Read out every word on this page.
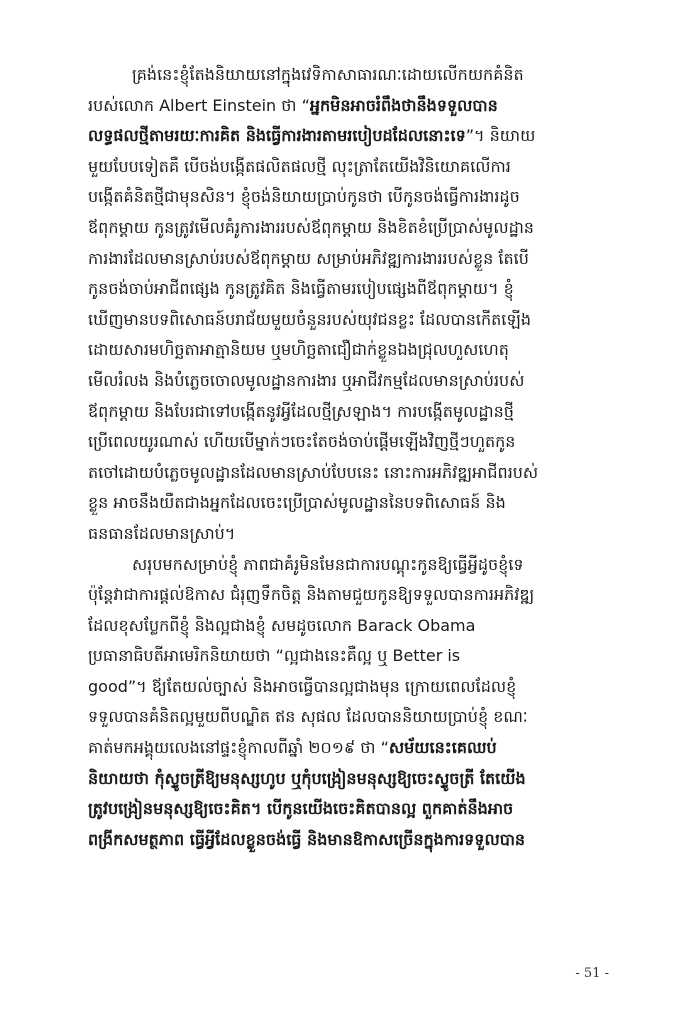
គ្រង់នេះខ្ញុំតែងនិយាយនៅក្នុងវេទិកាសាធារណៈដោយលើកយកគំនិត
របស់លោក Albert Einstein ថា “អ្នកមិនអាចរំពឹងថានឹងទទួលបាន
លទ្ធផលថ្មីតាមរយៈការគិត និងធ្វើការងារតាមរបៀបដដែលនោះទេ”។ និយាយ
មួយបែបទៀតគឺ បើចង់បង្កើតផលិតផលថ្មី លុះត្រាតែយើងវិនិយោគលើការ
បង្កើតគំនិតថ្មីជាមុនសិន។ ខ្ញុំចង់និយាយប្រាប់កូនថា បើកូនចង់ធ្វើការងារដូច
ឪពុកម្តាយ កូនត្រូវមើលគំរូការងាររបស់ឪពុកម្តាយ និងខិតខំប្រើប្រាស់មូលដ្ឋាន
ការងារដែលមានស្រាប់របស់ឪពុកម្តាយ សម្រាប់អភិវឌ្ឍការងាររបស់ខ្លួន តែបើ
កូនចង់ចាប់អាជីពផ្សេង កូនត្រូវគិត និងធ្វើតាមរបៀបផ្សេងពីឪពុកម្តាយ។ ខ្ញុំ
ឃើញមានបទពិសោធន៍បរាជ័យមួយចំនួនរបស់យុវជនខ្លះ ដែលបានកើតឡើង
ដោយសារមហិច្ឆតាអាត្មានិយម ឬមហិច្ឆតាជឿជាក់ខ្លួនឯងជ្រុលហួសហេតុ
មើលរំលង និងបំភ្លេចចោលមូលដ្ឋានការងារ ឬអាជីវកម្មដែលមានស្រាប់របស់
ឪពុកម្តាយ និងបែរជាទៅបង្កើតនូវអ្វីដែលថ្មីស្រឡាង។ ការបង្កើតមូលដ្ឋានថ្មី
ប្រើពេលយូរណាស់ ហើយបើម្នាក់ៗចេះតែចង់ចាប់ផ្តើមឡើងវិញថ្មីៗហួតកូន
តចៅដោយបំភ្លេចមូលដ្ឋានដែលមានស្រាប់បែបនេះ នោះការអភិវឌ្ឍអាជីពរបស់
ខ្លួន អាចនឹងយឺតជាងអ្នកដែលចេះប្រើប្រាស់មូលដ្ឋាននៃបទពិសោធន៍ និង
ធនធានដែលមានស្រាប់។
សរុបមកសម្រាប់ខ្ញុំ ភាពជាគំរូមិនមែនជាការបណ្តុះកូនឱ្យធ្វើអ្វីដូចខ្ញុំទេ
ប៉ុន្តែវាជាការផ្តល់ឱកាស ជំរុញទឹកចិត្ត និងតាមជួយកូនឱ្យទទួលបានការអភិវឌ្ឍ
ដែលខុសប្លែកពីខ្ញុំ និងល្អជាងខ្ញុំ សមដូចលោក Barack Obama
ប្រធានាធិបតីអាមេរិកនិយាយថា “ល្អជាងនេះគឺល្អ ឬ Better is
good”។ ឪ្យតែយល់ច្បាស់ និងអាចធ្វើបានល្អជាងមុន ក្រោយពេលដែលខ្ញុំ
ទទួលបានគំនិតល្អមួយពីបណ្ឌិត ឥន សុផល ដែលបាននិយាយប្រាប់ខ្ញុំ ខណៈ
គាត់មកអង្គុយលេងនៅផ្ទះខ្ញុំកាលពីឆ្នាំ ២០១៩ ថា “សម័យនេះគេឈប់
និយាយថា កុំស្ទូចត្រីឱ្យមនុស្សហូប ឬកុំបង្រៀនមនុស្សឱ្យចេះស្ទូចត្រី តែយើង
ត្រូវបង្រៀនមនុស្សឱ្យចេះគិត។ បើកូនយើងចេះគិតបានល្អ ពួកគាត់នឹងអាច
ពង្រីកសមត្ថភាព ធ្វើអ្វីដែលខ្លួនចង់ធ្វើ និងមានឱកាសច្រើនក្នុងការទទួលបាន
- 51 -
